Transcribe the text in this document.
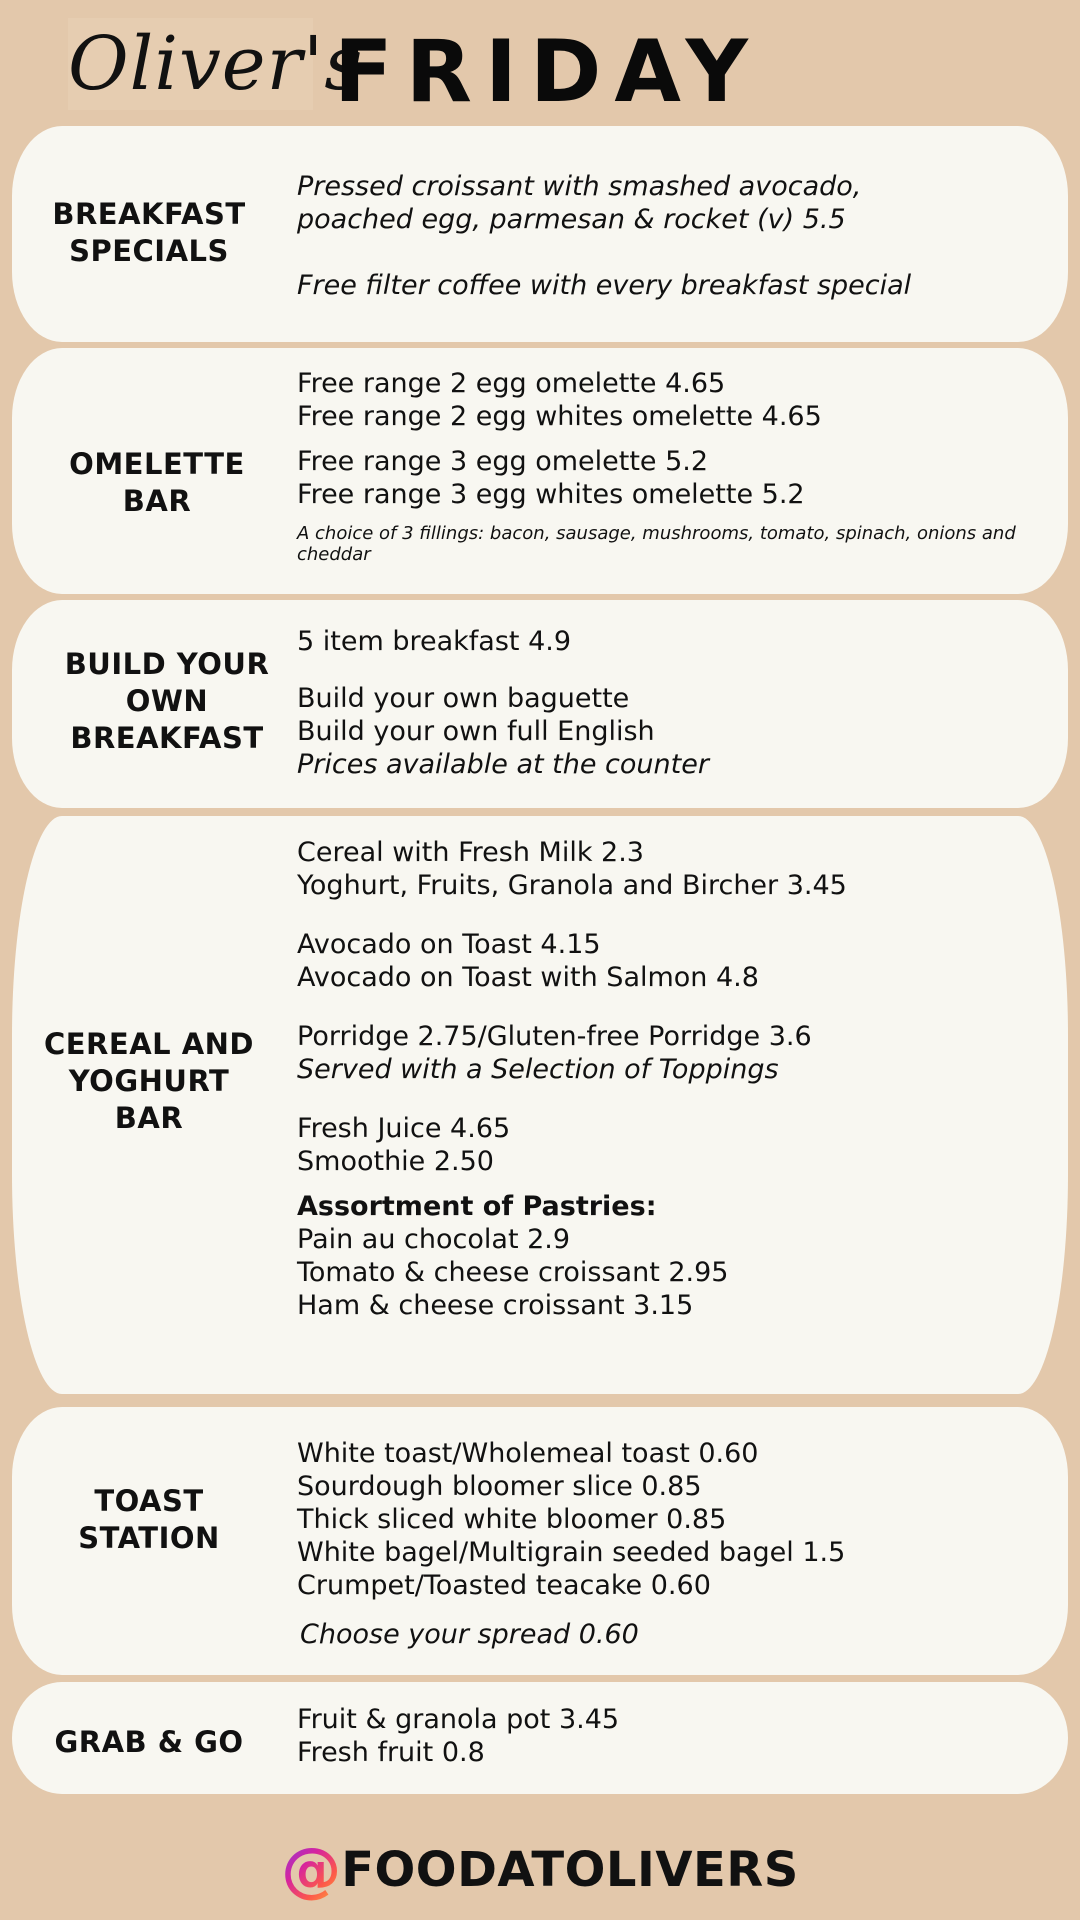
Oliver's
FRIDAY
BREAKFAST
SPECIALS
Pressed croissant with smashed avocado,
poached egg, parmesan & rocket (v) 5.5
Free filter coffee with every breakfast special
OMELETTE
BAR
Free range 2 egg omelette 4.65
Free range 2 egg whites omelette 4.65
Free range 3 egg omelette 5.2
Free range 3 egg whites omelette 5.2
A choice of 3 fillings: bacon, sausage, mushrooms, tomato, spinach, onions and cheddar
BUILD YOUR
OWN
BREAKFAST
5 item breakfast 4.9
Build your own baguette
Build your own full English
Prices available at the counter
CEREAL AND
YOGHURT
BAR
Cereal with Fresh Milk 2.3
Yoghurt, Fruits, Granola and Bircher 3.45
Avocado on Toast 4.15
Avocado on Toast with Salmon 4.8
Porridge 2.75/Gluten-free Porridge 3.6
Served with a Selection of Toppings
Fresh Juice 4.65
Smoothie 2.50
Assortment of Pastries:
Pain au chocolat 2.9
Tomato & cheese croissant 2.95
Ham & cheese croissant 3.15
TOAST
STATION
White toast/Wholemeal toast 0.60
Sourdough bloomer slice 0.85
Thick sliced white bloomer 0.85
White bagel/Multigrain seeded bagel 1.5
Crumpet/Toasted teacake 0.60
Choose your spread 0.60
GRAB & GO
Fruit & granola pot 3.45
Fresh fruit 0.8
@FOODATOLIVERS
